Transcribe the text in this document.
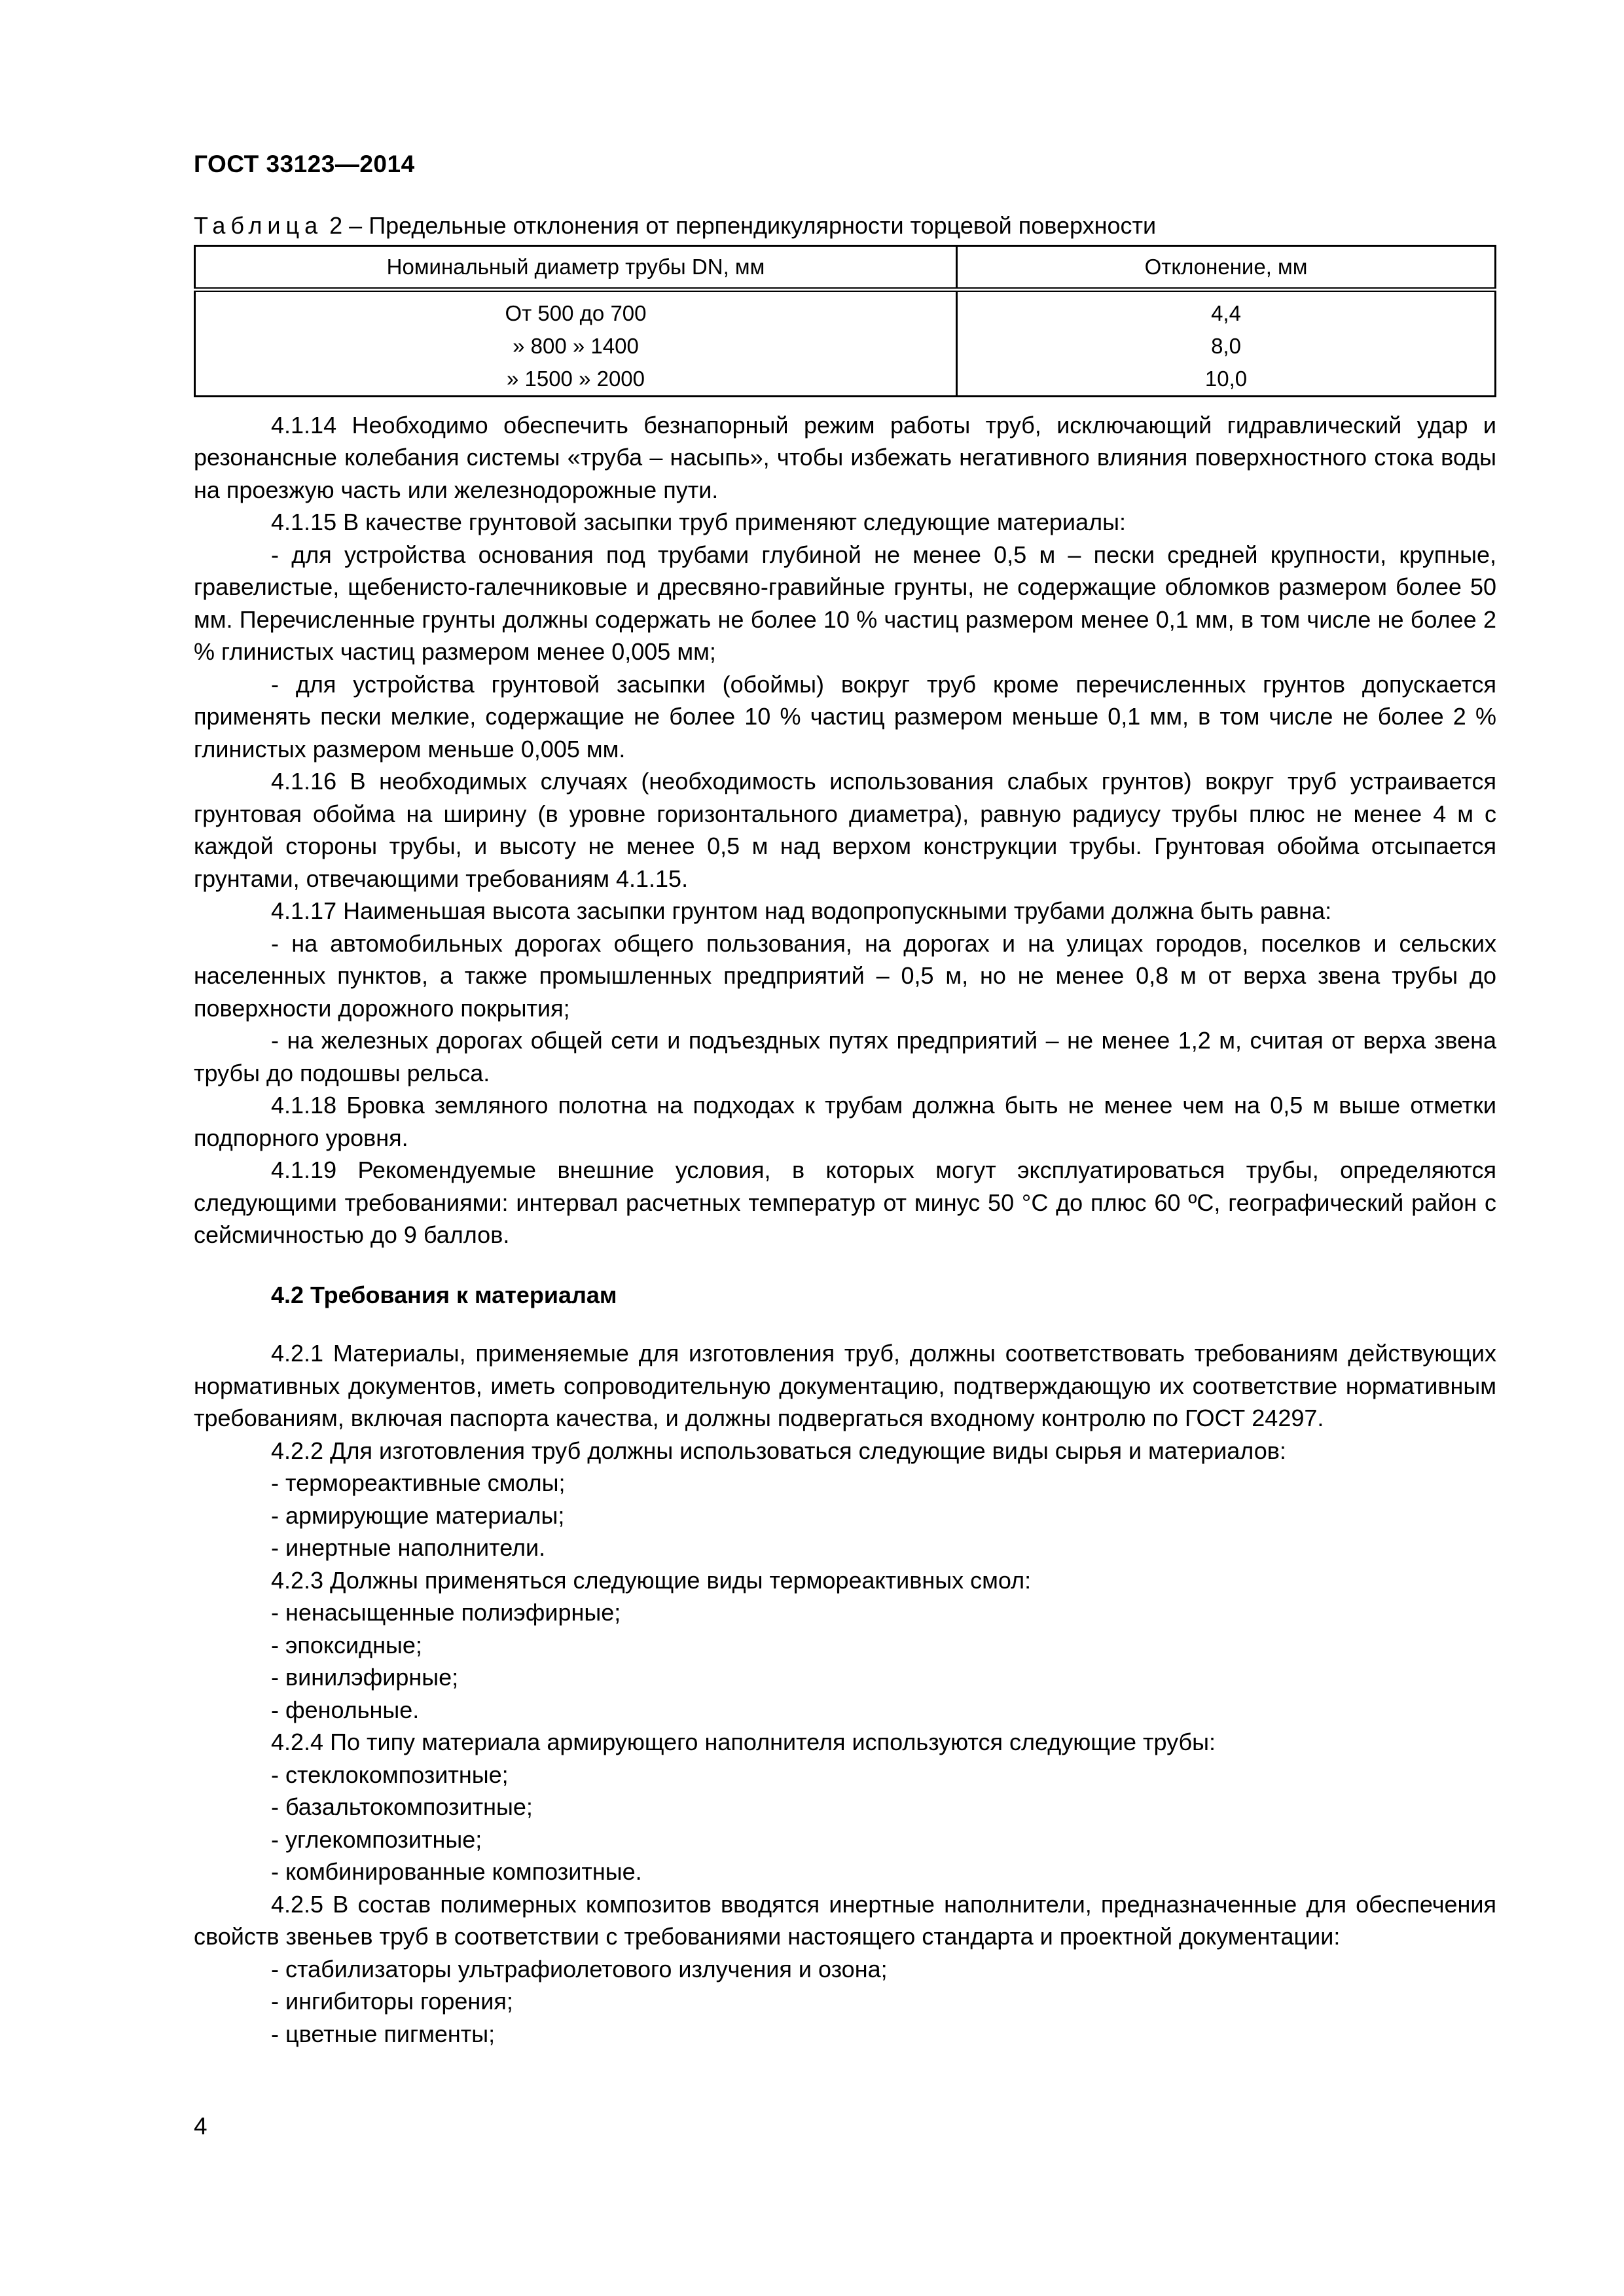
ГОСТ 33123—2014

Таблица 2 – Предельные отклонения от перпендикулярности торцевой поверхности

Номинальный диаметр трубы DN, мм	Отклонение, мм
От 500 до 700	4,4
» 800 » 1400	8,0
» 1500 » 2000	10,0

4.1.14 Необходимо обеспечить безнапорный режим работы труб, исключающий гидравлический удар и резонансные колебания системы «труба – насыпь», чтобы избежать негативного влияния поверхностного стока воды на проезжую часть или железнодорожные пути.

4.1.15 В качестве грунтовой засыпки труб применяют следующие материалы:

- для устройства основания под трубами глубиной не менее 0,5 м – пески средней крупности, крупные, гравелистые, щебенисто-галечниковые и дресвяно-гравийные грунты, не содержащие обломков размером более 50 мм. Перечисленные грунты должны содержать не более 10 % частиц размером менее 0,1 мм, в том числе не более 2 % глинистых частиц размером менее 0,005 мм;

- для устройства грунтовой засыпки (обоймы) вокруг труб кроме перечисленных грунтов допускается применять пески мелкие, содержащие не более 10 % частиц размером меньше 0,1 мм, в том числе не более 2 % глинистых размером меньше 0,005 мм.

4.1.16 В необходимых случаях (необходимость использования слабых грунтов) вокруг труб устраивается грунтовая обойма на ширину (в уровне горизонтального диаметра), равную радиусу трубы плюс не менее 4 м с каждой стороны трубы, и высоту не менее 0,5 м над верхом конструкции трубы. Грунтовая обойма отсыпается грунтами, отвечающими требованиям 4.1.15.

4.1.17 Наименьшая высота засыпки грунтом над водопропускными трубами должна быть равна:

- на автомобильных дорогах общего пользования, на дорогах и на улицах городов, поселков и сельских населенных пунктов, а также промышленных предприятий – 0,5 м, но не менее 0,8 м от верха звена трубы до поверхности дорожного покрытия;

- на железных дорогах общей сети и подъездных путях предприятий – не менее 1,2 м, считая от верха звена трубы до подошвы рельса.

4.1.18 Бровка земляного полотна на подходах к трубам должна быть не менее чем на 0,5 м выше отметки подпорного уровня.

4.1.19 Рекомендуемые внешние условия, в которых могут эксплуатироваться трубы, определяются следующими требованиями: интервал расчетных температур от минус 50 °С до плюс 60 ºС, географический район с сейсмичностью до 9 баллов.

4.2 Требования к материалам

4.2.1 Материалы, применяемые для изготовления труб, должны соответствовать требованиям действующих нормативных документов, иметь сопроводительную документацию, подтверждающую их соответствие нормативным требованиям, включая паспорта качества, и должны подвергаться входному контролю по ГОСТ 24297.

4.2.2 Для изготовления труб должны использоваться следующие виды сырья и материалов:

- термореактивные смолы;

- армирующие материалы;

- инертные наполнители.

4.2.3 Должны применяться следующие виды термореактивных смол:

- ненасыщенные полиэфирные;

- эпоксидные;

- винилэфирные;

- фенольные.

4.2.4 По типу материала армирующего наполнителя используются следующие трубы:

- стеклокомпозитные;

- базальтокомпозитные;

- углекомпозитные;

- комбинированные композитные.

4.2.5 В состав полимерных композитов вводятся инертные наполнители, предназначенные для обеспечения свойств звеньев труб в соответствии с требованиями настоящего стандарта и проектной документации:

- стабилизаторы ультрафиолетового излучения и озона;

- ингибиторы горения;

- цветные пигменты;

4
